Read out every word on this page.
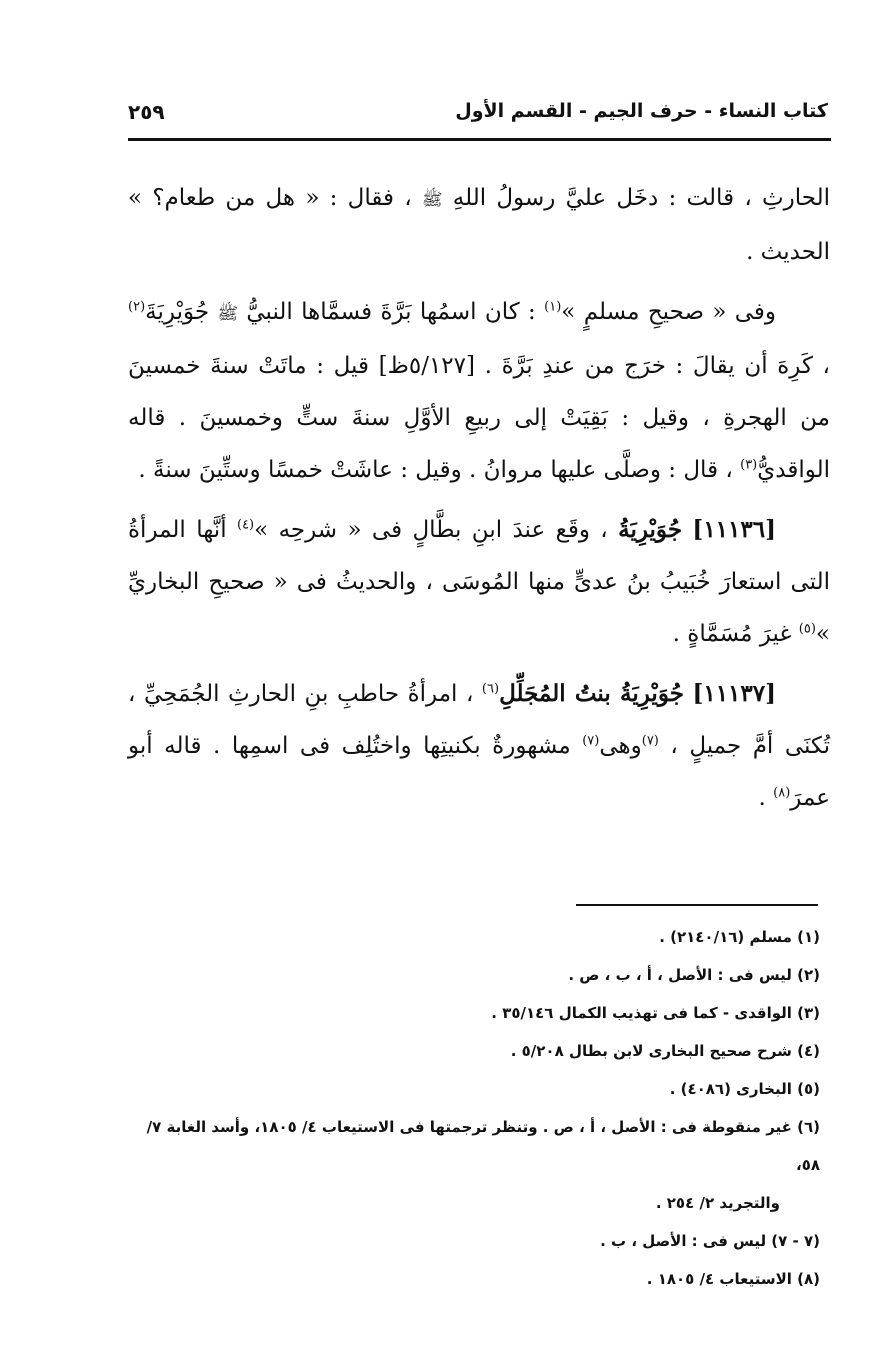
كتاب النساء - حرف الجيم - القسم الأول
٢٥٩

الحارثِ ، قالت : دخَل عليَّ رسولُ اللهِ ﷺ ، فقال : « هل من طعام؟ » الحديث .

وفى « صحيحِ مسلمٍ »$^{(١)}$ : كان اسمُها بَرَّةَ فسمَّاها النبيُّ ﷺ جُوَيْرِيَةَ$^{(٢)}$ ، كَرِهَ أن يقالَ : خرَج من عندِ بَرَّةَ . [٥/١٢٧ظ] قيل : ماتَتْ سنةَ خمسينَ من الهجرةِ ، وقيل : بَقِيَتْ إلى ربيعِ الأوَّلِ سنةَ ستٍّ وخمسينَ . قاله الواقديُّ$^{(٣)}$ ، قال : وصلَّى عليها مروانُ . وقيل : عاشَتْ خمسًا وستِّينَ سنةً .

[١١١٣٦] جُوَيْرِيَةُ ، وقَع عندَ ابنِ بطَّالٍ فى « شرحِه »$^{(٤)}$ أنَّها المرأةُ التى استعارَ خُبَيبُ بنُ عدىٍّ منها المُوسَى ، والحديثُ فى « صحيحِ البخاريِّ »$^{(٥)}$ غيرَ مُسَمَّاةٍ .

[١١١٣٧] جُوَيْرِيَةُ بنتُ المُجَلِّلِ$^{(٦)}$ ، امرأةُ حاطبِ بنِ الحارثِ الجُمَحِيِّ ، تُكنَى أمَّ جميلٍ ، $^{(٧)}$وهى$^{(٧)}$ مشهورةٌ بكنيتِها واختُلِف فى اسمِها . قاله أبو عمرَ$^{(٨)}$ .

(١) مسلم (٢١٤٠/١٦) .

(٢) ليس فى : الأصل ، أ ، ب ، ص .

(٣) الواقدى - كما فى تهذيب الكمال ٣٥/١٤٦ .

(٤) شرح صحيح البخارى لابن بطال ٥/٢٠٨ .

(٥) البخارى (٤٠٨٦) .

(٦) غير منقوطة فى : الأصل ، أ ، ص . وتنظر ترجمتها فى الاستيعاب ٤/ ١٨٠٥، وأسد الغابة ٧/ ٥٨،

والتجريد ٢/ ٢٥٤ .

(٧ - ٧) ليس فى : الأصل ، ب .

(٨) الاستيعاب ٤/ ١٨٠٥ .
